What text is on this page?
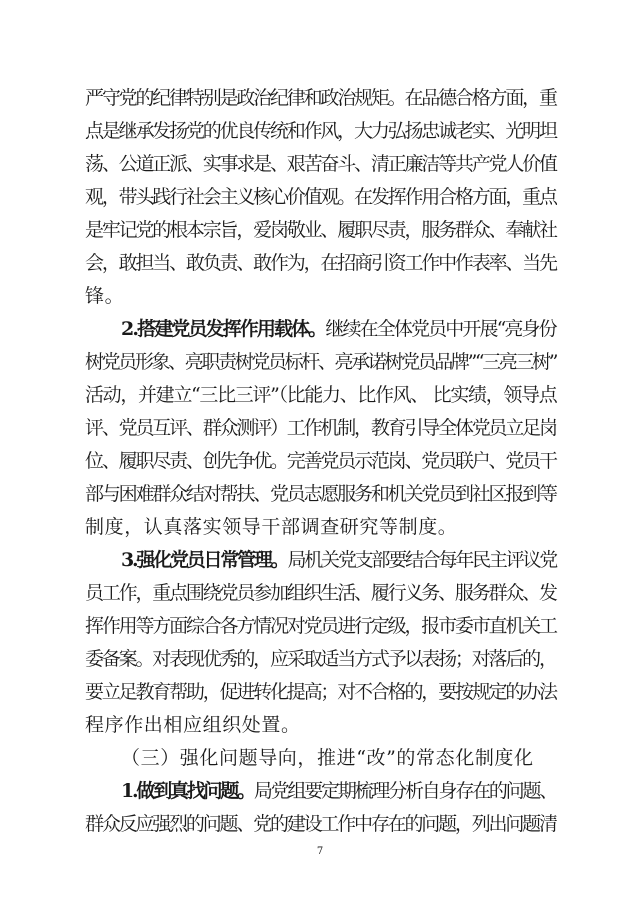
严守党的纪律特别是政治纪律和政治规矩。在品德合格方面，重
点是继承发扬党的优良传统和作风，大力弘扬忠诚老实、光明坦
荡、公道正派、实事求是、艰苦奋斗、清正廉洁等共产党人价值
观，带头践行社会主义核心价值观。在发挥作用合格方面，重点
是牢记党的根本宗旨，爱岗敬业、履职尽责，服务群众、奉献社
会，敢担当、敢负责、敢作为，在招商引资工作中作表率、当先
锋。
2.搭建党员发挥作用载体。继续在全体党员中开展“亮身份
树党员形象、亮职责树党员标杆、亮承诺树党员品牌”“三亮三树”
活动，并建立“三比三评”（比能力、比作风、 比实绩，领导点
评、党员互评、群众测评）工作机制，教育引导全体党员立足岗
位、履职尽责、创先争优。完善党员示范岗、党员联户、党员干
部与困难群众结对帮扶、党员志愿服务和机关党员到社区报到等
制度，认真落实领导干部调查研究等制度。
3.强化党员日常管理。局机关党支部要结合每年民主评议党
员工作，重点围绕党员参加组织生活、履行义务、服务群众、发
挥作用等方面综合各方情况对党员进行定级，报市委市直机关工
委备案。对表现优秀的，应采取适当方式予以表扬；对落后的，
要立足教育帮助，促进转化提高；对不合格的，要按规定的办法
程序作出相应组织处置。
（三）强化问题导向，推进“改”的常态化制度化
1.做到真找问题。局党组要定期梳理分析自身存在的问题、
群众反应强烈的问题、党的建设工作中存在的问题，列出问题清
7
